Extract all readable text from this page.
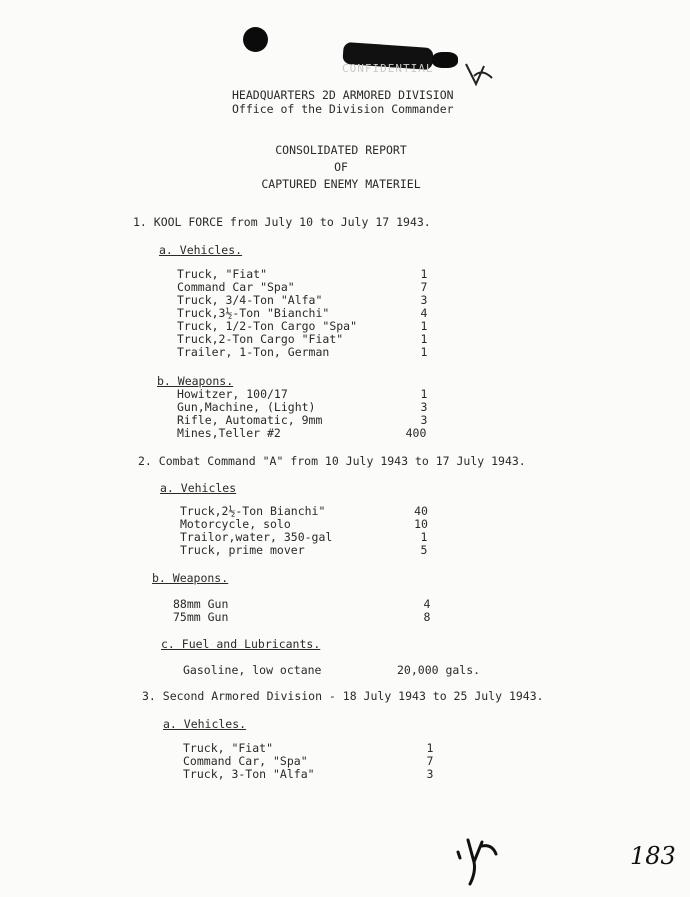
CONFIDENTIAL
HEADQUARTERS 2D ARMORED DIVISION
Office of the Division Commander
CONSOLIDATED REPORT
OF
CAPTURED ENEMY MATERIEL
1. KOOL FORCE from July 10 to July 17 1943.
a. Vehicles.
Truck, "Fiat"	1
Command Car "Spa"	7
Truck, 3/4-Ton "Alfa"	3
Truck,3½-Ton "Bianchi"	4
Truck, 1/2-Ton Cargo "Spa"	1
Truck,2-Ton Cargo "Fiat"	1
Trailer, 1-Ton, German	1
b. Weapons.
Howitzer, 100/17	1
Gun,Machine, (Light)	3
Rifle, Automatic, 9mm	3
Mines,Teller #2	400
2. Combat Command "A" from 10 July 1943 to 17 July 1943.
a. Vehicles
Truck,2½-Ton Bianchi"	40
Motorcycle, solo	10
Trailor,water, 350-gal	1
Truck, prime mover	5
b. Weapons.
88mm Gun	4
75mm Gun	8
c. Fuel and Lubricants.
Gasoline, low octane	20,000 gals.
3. Second Armored Division - 18 July 1943 to 25 July 1943.
a. Vehicles.
Truck, "Fiat"	1
Command Car, "Spa"	7
Truck, 3-Ton "Alfa"	3
183
